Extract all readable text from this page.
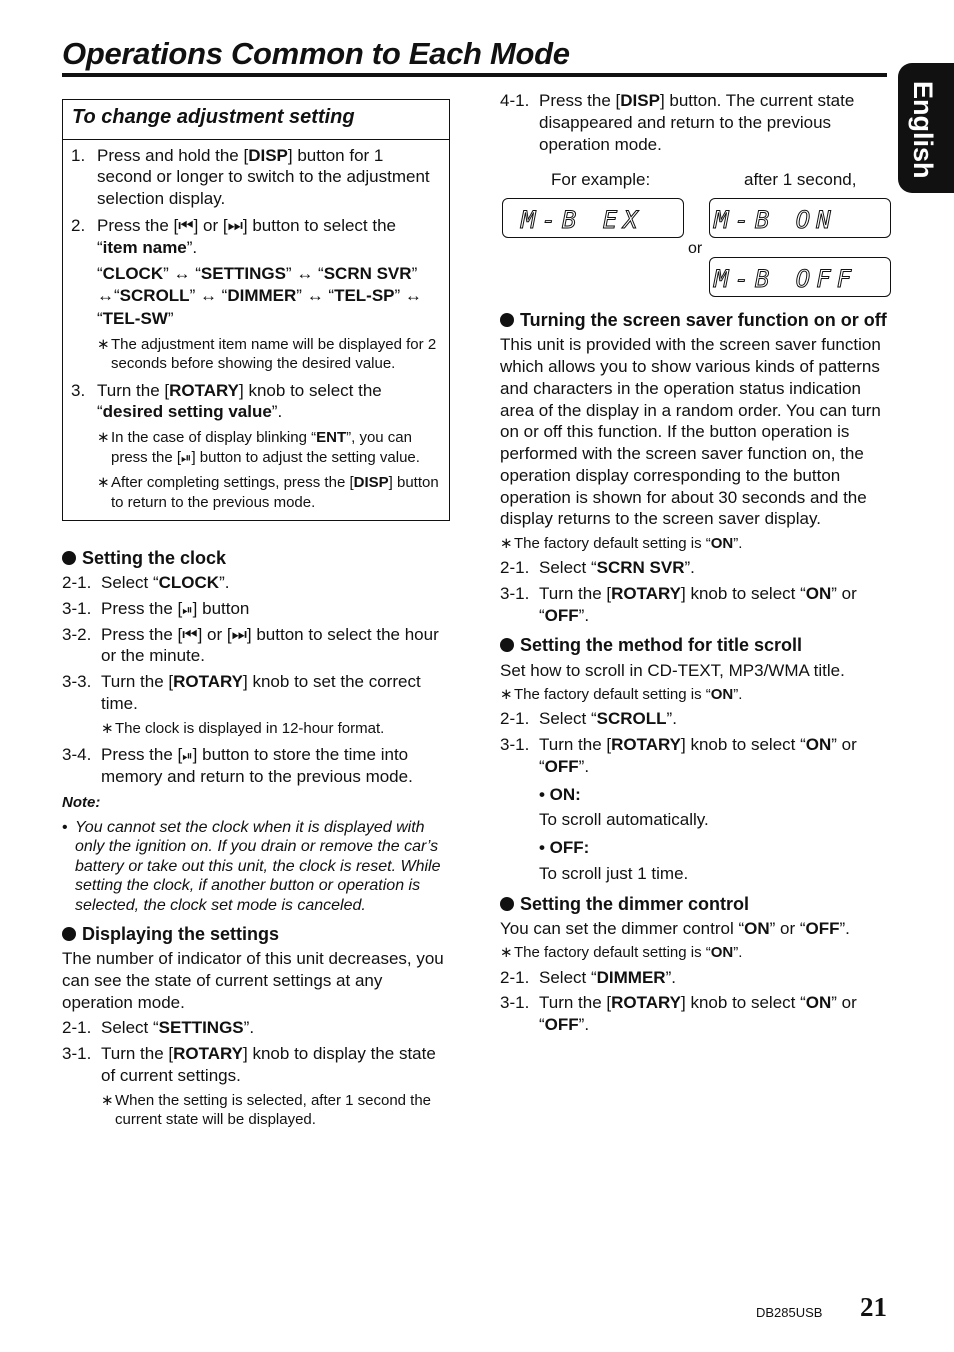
Operations Common to Each Mode
English
To change adjustment setting
1. Press and hold the [DISP] button for 1 second or longer to switch to the adjustment selection display.
2. Press the [⏮] or [⏭] button to select the “item name”.
“CLOCK” ↔ “SETTINGS” ↔ “SCRN SVR” ↔“SCROLL” ↔ “DIMMER” ↔ “TEL-SP” ↔ “TEL-SW”
∗ The adjustment item name will be displayed for 2 seconds before showing the desired value.
3. Turn the [ROTARY] knob to select the “desired setting value”.
∗ In the case of display blinking “ENT”, you can press the [⏯] button to adjust the setting value.
∗ After completing settings, press the [DISP] button to return to the previous mode.
Setting the clock
2-1. Select “CLOCK”.
3-1. Press the [⏯] button
3-2. Press the [⏮] or [⏭] button to select the hour or the minute.
3-3. Turn the [ROTARY] knob to set the correct time.
∗ The clock is displayed in 12-hour format.
3-4. Press the [⏯] button to store the time into memory and return to the previous mode.
Note:
• You cannot set the clock when it is displayed with only the ignition on. If you drain or remove the car’s battery or take out this unit, the clock is reset. While setting the clock, if another button or operation is selected, the clock set mode is canceled.
Displaying the settings
The number of indicator of this unit decreases, you can see the state of current settings at any operation mode.
2-1. Select “SETTINGS”.
3-1. Turn the [ROTARY] knob to display the state of current settings.
∗ When the setting is selected, after 1 second the current state will be displayed.
4-1. Press the [DISP] button. The current state disappeared and return to the previous operation mode.
For example:	after 1 second,
M-B EX	M-B ON
or
M-B OFF
Turning the screen saver function on or off
This unit is provided with the screen saver function which allows you to show various kinds of patterns and characters in the operation status indication area of the display in a random order. You can turn on or off this function. If the button operation is performed with the screen saver function on, the operation display corresponding to the button operation is shown for about 30 seconds and the display returns to the screen saver display.
∗ The factory default setting is “ON”.
2-1. Select “SCRN SVR”.
3-1. Turn the [ROTARY] knob to select “ON” or “OFF”.
Setting the method for title scroll
Set how to scroll in CD-TEXT, MP3/WMA title.
∗ The factory default setting is “ON”.
2-1. Select “SCROLL”.
3-1. Turn the [ROTARY] knob to select “ON” or “OFF”.
• ON:
To scroll automatically.
• OFF:
To scroll just 1 time.
Setting the dimmer control
You can set the dimmer control “ON” or “OFF”.
∗ The factory default setting is “ON”.
2-1. Select “DIMMER”.
3-1. Turn the [ROTARY] knob to select “ON” or “OFF”.
DB285USB 21
